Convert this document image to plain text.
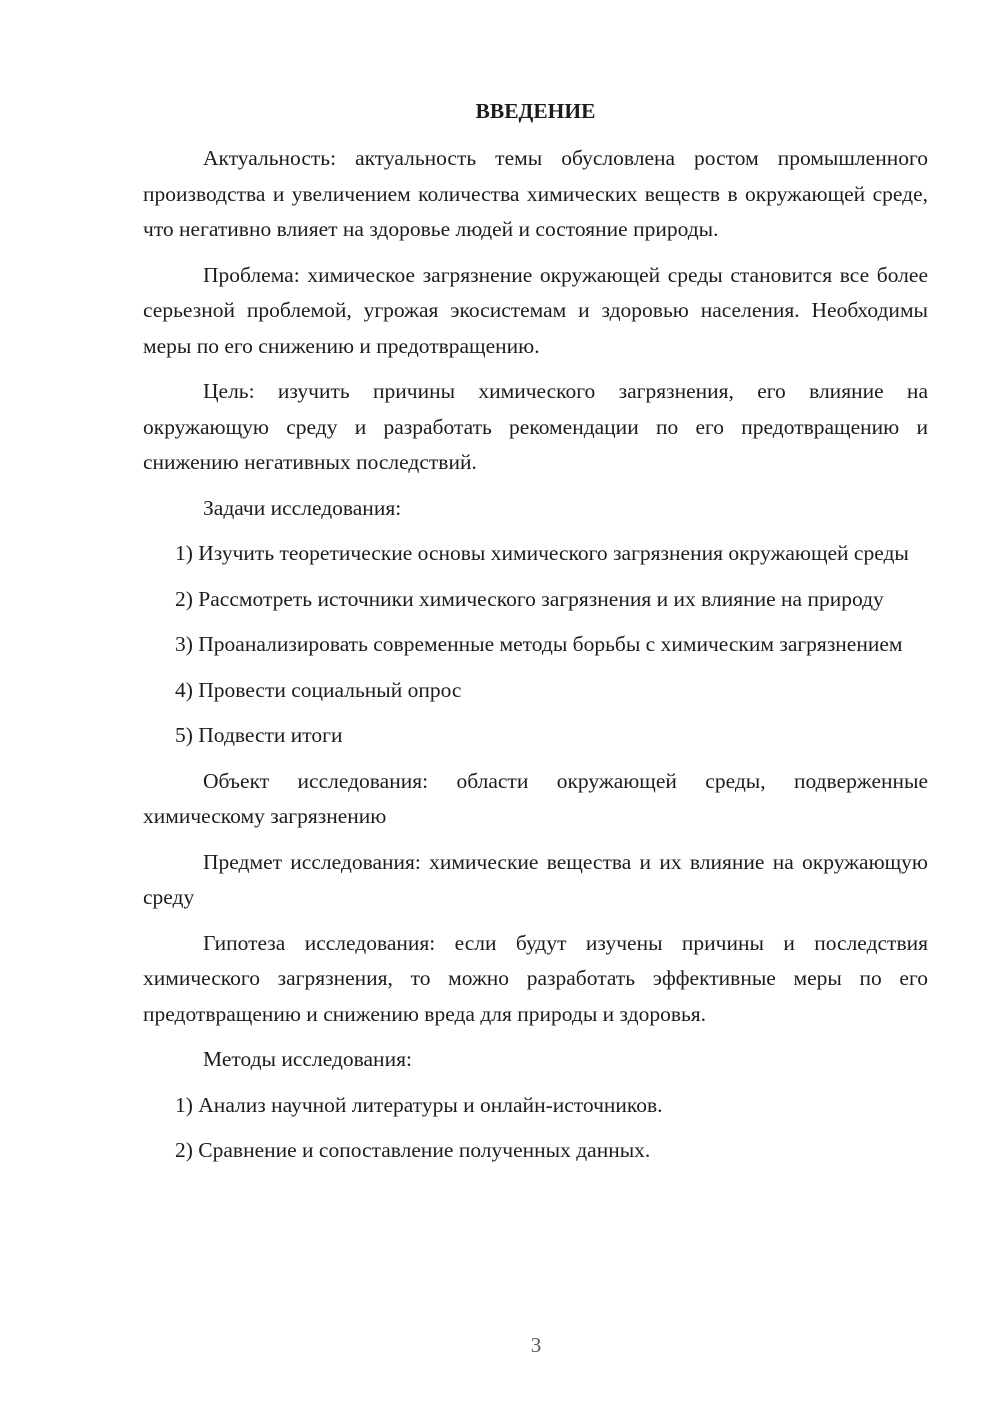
ВВЕДЕНИЕ

Актуальность: актуальность темы обусловлена ростом промышленного производства и увеличением количества химических веществ в окружающей среде, что негативно влияет на здоровье людей и состояние природы.

Проблема: химическое загрязнение окружающей среды становится все более серьезной проблемой, угрожая экосистемам и здоровью населения. Необходимы меры по его снижению и предотвращению.

Цель: изучить причины химического загрязнения, его влияние на окружающую среду и разработать рекомендации по его предотвращению и снижению негативных последствий.

Задачи исследования:

1) Изучить теоретические основы химического загрязнения окружающей среды

2) Рассмотреть источники химического загрязнения и их влияние на природу

3) Проанализировать современные методы борьбы с химическим загрязнением

4) Провести социальный опрос

5) Подвести итоги

Объект исследования: области окружающей среды, подверженные химическому загрязнению

Предмет исследования: химические вещества и их влияние на окружающую среду

Гипотеза исследования: если будут изучены причины и последствия химического загрязнения, то можно разработать эффективные меры по его предотвращению и снижению вреда для природы и здоровья.

Методы исследования:

1) Анализ научной литературы и онлайн-источников.

2) Сравнение и сопоставление полученных данных.

3
